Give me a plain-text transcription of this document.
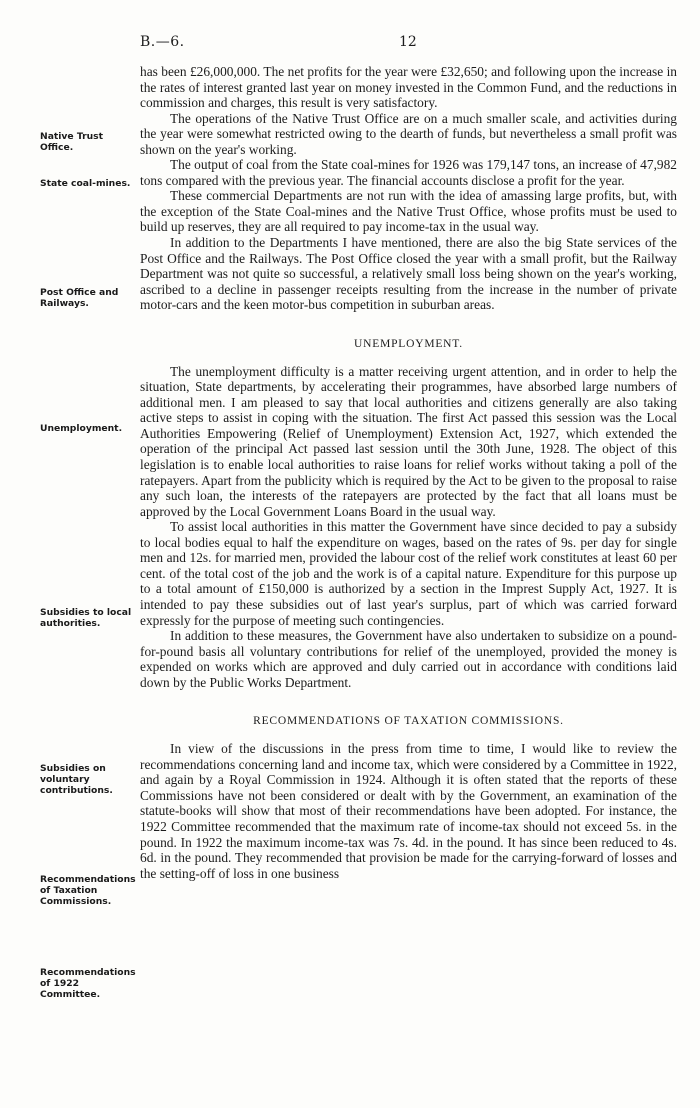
B.—6.	12
Native Trust Office.
State coal-mines.
Post Office and Railways.
Unemployment.
Subsidies to local authorities.
Subsidies on voluntary contributions.
Recommendations of Taxation Commissions.
Recommendations of 1922 Committee.

has been £26,000,000. The net profits for the year were £32,650; and following upon the increase in the rates of interest granted last year on money invested in the Common Fund, and the reductions in commission and charges, this result is very satisfactory.

The operations of the Native Trust Office are on a much smaller scale, and activities during the year were somewhat restricted owing to the dearth of funds, but nevertheless a small profit was shown on the year's working.

The output of coal from the State coal-mines for 1926 was 179,147 tons, an increase of 47,982 tons compared with the previous year. The financial accounts disclose a profit for the year.

These commercial Departments are not run with the idea of amassing large profits, but, with the exception of the State Coal-mines and the Native Trust Office, whose profits must be used to build up reserves, they are all required to pay income-tax in the usual way.

In addition to the Departments I have mentioned, there are also the big State services of the Post Office and the Railways. The Post Office closed the year with a small profit, but the Railway Department was not quite so successful, a relatively small loss being shown on the year's working, ascribed to a decline in passenger receipts resulting from the increase in the number of private motor-cars and the keen motor-bus competition in suburban areas.

UNEMPLOYMENT.

The unemployment difficulty is a matter receiving urgent attention, and in order to help the situation, State departments, by accelerating their programmes, have absorbed large numbers of additional men. I am pleased to say that local authorities and citizens generally are also taking active steps to assist in coping with the situation. The first Act passed this session was the Local Authorities Empowering (Relief of Unemployment) Extension Act, 1927, which extended the operation of the principal Act passed last session until the 30th June, 1928. The object of this legislation is to enable local authorities to raise loans for relief works without taking a poll of the ratepayers. Apart from the publicity which is required by the Act to be given to the proposal to raise any such loan, the interests of the ratepayers are protected by the fact that all loans must be approved by the Local Government Loans Board in the usual way.

To assist local authorities in this matter the Government have since decided to pay a subsidy to local bodies equal to half the expenditure on wages, based on the rates of 9s. per day for single men and 12s. for married men, provided the labour cost of the relief work constitutes at least 60 per cent. of the total cost of the job and the work is of a capital nature. Expenditure for this purpose up to a total amount of £150,000 is authorized by a section in the Imprest Supply Act, 1927. It is intended to pay these subsidies out of last year's surplus, part of which was carried forward expressly for the purpose of meeting such contingencies.

In addition to these measures, the Government have also undertaken to subsidize on a pound-for-pound basis all voluntary contributions for relief of the unemployed, provided the money is expended on works which are approved and duly carried out in accordance with conditions laid down by the Public Works Department.

RECOMMENDATIONS OF TAXATION COMMISSIONS.

In view of the discussions in the press from time to time, I would like to review the recommendations concerning land and income tax, which were considered by a Committee in 1922, and again by a Royal Commission in 1924. Although it is often stated that the reports of these Commissions have not been considered or dealt with by the Government, an examination of the statute-books will show that most of their recommendations have been adopted. For instance, the 1922 Committee recommended that the maximum rate of income-tax should not exceed 5s. in the pound. In 1922 the maximum income-tax was 7s. 4d. in the pound. It has since been reduced to 4s. 6d. in the pound. They recommended that provision be made for the carrying-forward of losses and the setting-off of loss in one business
